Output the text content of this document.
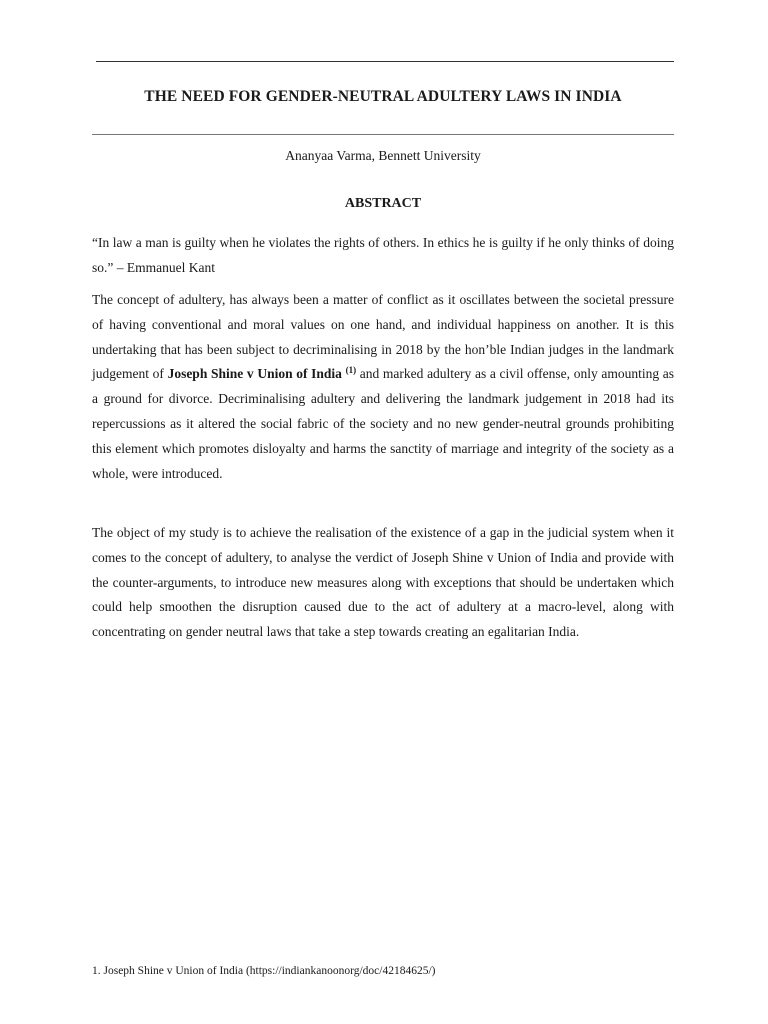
THE NEED FOR GENDER-NEUTRAL ADULTERY LAWS IN INDIA

Ananyaa Varma, Bennett University

ABSTRACT

“In law a man is guilty when he violates the rights of others. In ethics he is guilty if he only thinks of doing so.” – Emmanuel Kant

The concept of adultery, has always been a matter of conflict as it oscillates between the societal pressure of having conventional and moral values on one hand, and individual happiness on another. It is this undertaking that has been subject to decriminalising in 2018 by the hon’ble Indian judges in the landmark judgement of Joseph Shine v Union of India $^{(1)}$ and marked adultery as a civil offense, only amounting as a ground for divorce. Decriminalising adultery and delivering the landmark judgement in 2018 had its repercussions as it altered the social fabric of the society and no new gender-neutral grounds prohibiting this element which promotes disloyalty and harms the sanctity of marriage and integrity of the society as a whole, were introduced.

The object of my study is to achieve the realisation of the existence of a gap in the judicial system when it comes to the concept of adultery, to analyse the verdict of Joseph Shine v Union of India and provide with the counter-arguments, to introduce new measures along with exceptions that should be undertaken which could help smoothen the disruption caused due to the act of adultery at a macro-level, along with concentrating on gender neutral laws that take a step towards creating an egalitarian India.

1. Joseph Shine v Union of India (https://indiankanoonorg/doc/42184625/)
